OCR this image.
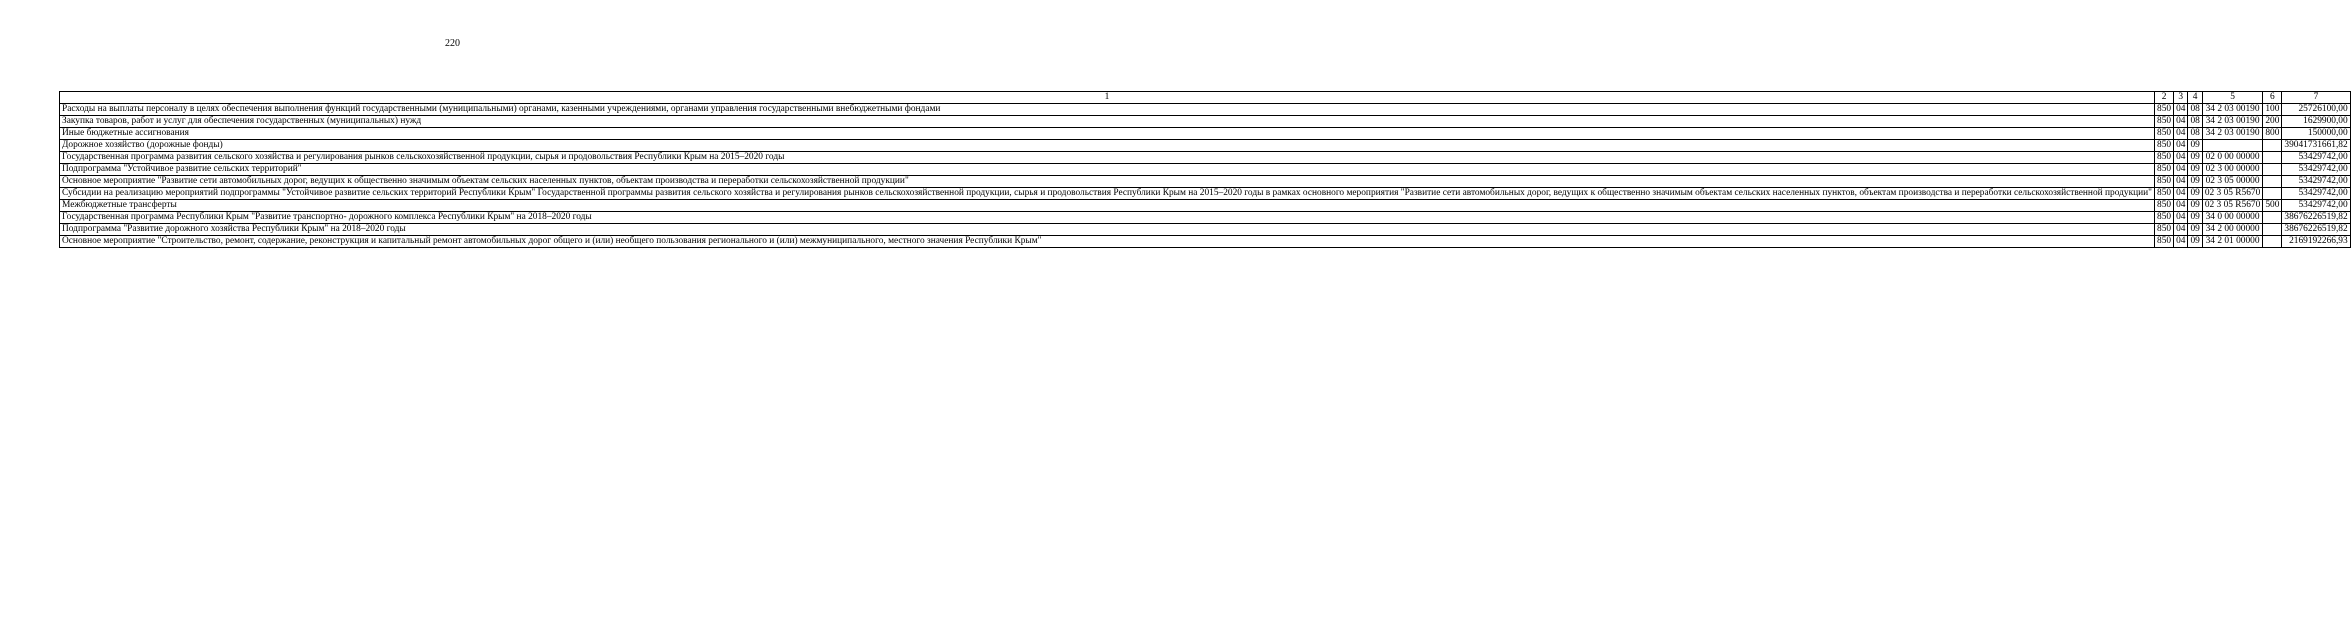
220
1	2	3	4	5	6	7
Расходы на выплаты персоналу в целях обеспечения выполнения функций государственными (муниципальными) органами, казенными учреждениями, органами управления государственными внебюджетными фондами	850	04	08	34 2 03 00190	100	25726100,00
Закупка товаров, работ и услуг для обеспечения государственных (муниципальных) нужд	850	04	08	34 2 03 00190	200	1629900,00
Иные бюджетные ассигнования	850	04	08	34 2 03 00190	800	150000,00
Дорожное хозяйство (дорожные фонды)	850	04	09			39041731661,82
Государственная программа развития сельского хозяйства и регулирования рынков сельскохозяйственной продукции, сырья и продовольствия Республики Крым на 2015–2020 годы	850	04	09	02 0 00 00000		53429742,00
Подпрограмма "Устойчивое развитие сельских территорий"	850	04	09	02 3 00 00000		53429742,00
Основное мероприятие "Развитие сети автомобильных дорог, ведущих к общественно значимым объектам сельских населенных пунктов, объектам производства и переработки сельскохозяйственной продукции"	850	04	09	02 3 05 00000		53429742,00
Субсидии на реализацию мероприятий подпрограммы "Устойчивое развитие сельских территорий Республики Крым" Государственной программы развития сельского хозяйства и регулирования рынков сельскохозяйственной продукции, сырья и продовольствия Республики Крым на 2015–2020 годы в рамках основного мероприятия "Развитие сети автомобильных дорог, ведущих к общественно значимым объектам сельских населенных пунктов, объектам производства и переработки сельскохозяйственной продукции"	850	04	09	02 3 05 R5670		53429742,00
Межбюджетные трансферты	850	04	09	02 3 05 R5670	500	53429742,00
Государственная программа Республики Крым "Развитие транспортно- дорожного комплекса Республики Крым" на 2018–2020 годы	850	04	09	34 0 00 00000		38676226519,82
Подпрограмма "Развитие дорожного хозяйства Республики Крым" на 2018–2020 годы	850	04	09	34 2 00 00000		38676226519,82
Основное мероприятие "Строительство, ремонт, содержание, реконструкция и капитальный ремонт автомобильных дорог общего и (или) необщего пользования регионального и (или) межмуниципального, местного значения Республики Крым"	850	04	09	34 2 01 00000		2169192266,93
